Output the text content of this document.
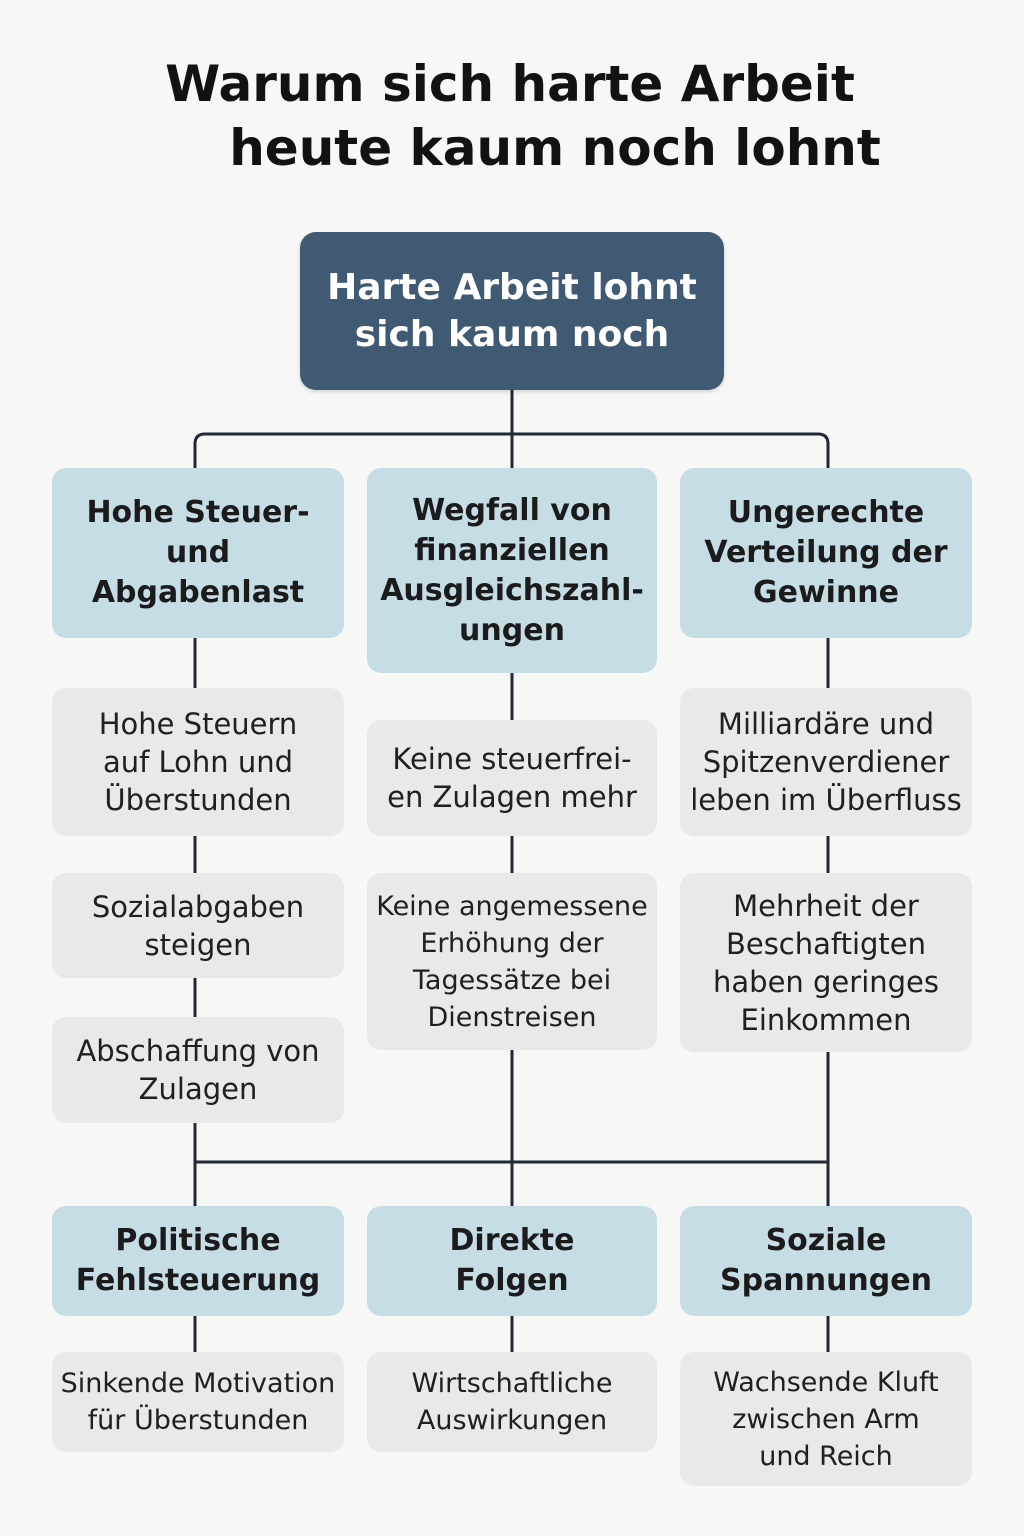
Warum sich harte Arbeit
heute kaum noch lohnt
Harte Arbeit lohnt
sich kaum noch
Hohe Steuer-
und
Abgabenlast
Wegfall von
finanziellen
Ausgleichszahl-
ungen
Ungerechte
Verteilung der
Gewinne
Hohe Steuern
auf Lohn und
Überstunden
Sozialabgaben
steigen
Abschaffung von
Zulagen
Keine steuerfrei-
en Zulagen mehr
Keine angemessene
Erhöhung der
Tagessätze bei
Dienstreisen
Milliardäre und
Spitzenverdiener
leben im Überfluss
Mehrheit der
Beschaftigten
haben geringes
Einkommen
Politische
Fehlsteuerung
Direkte
Folgen
Soziale
Spannungen
Sinkende Motivation
für Überstunden
Wirtschaftliche
Auswirkungen
Wachsende Kluft
zwischen Arm
und Reich
